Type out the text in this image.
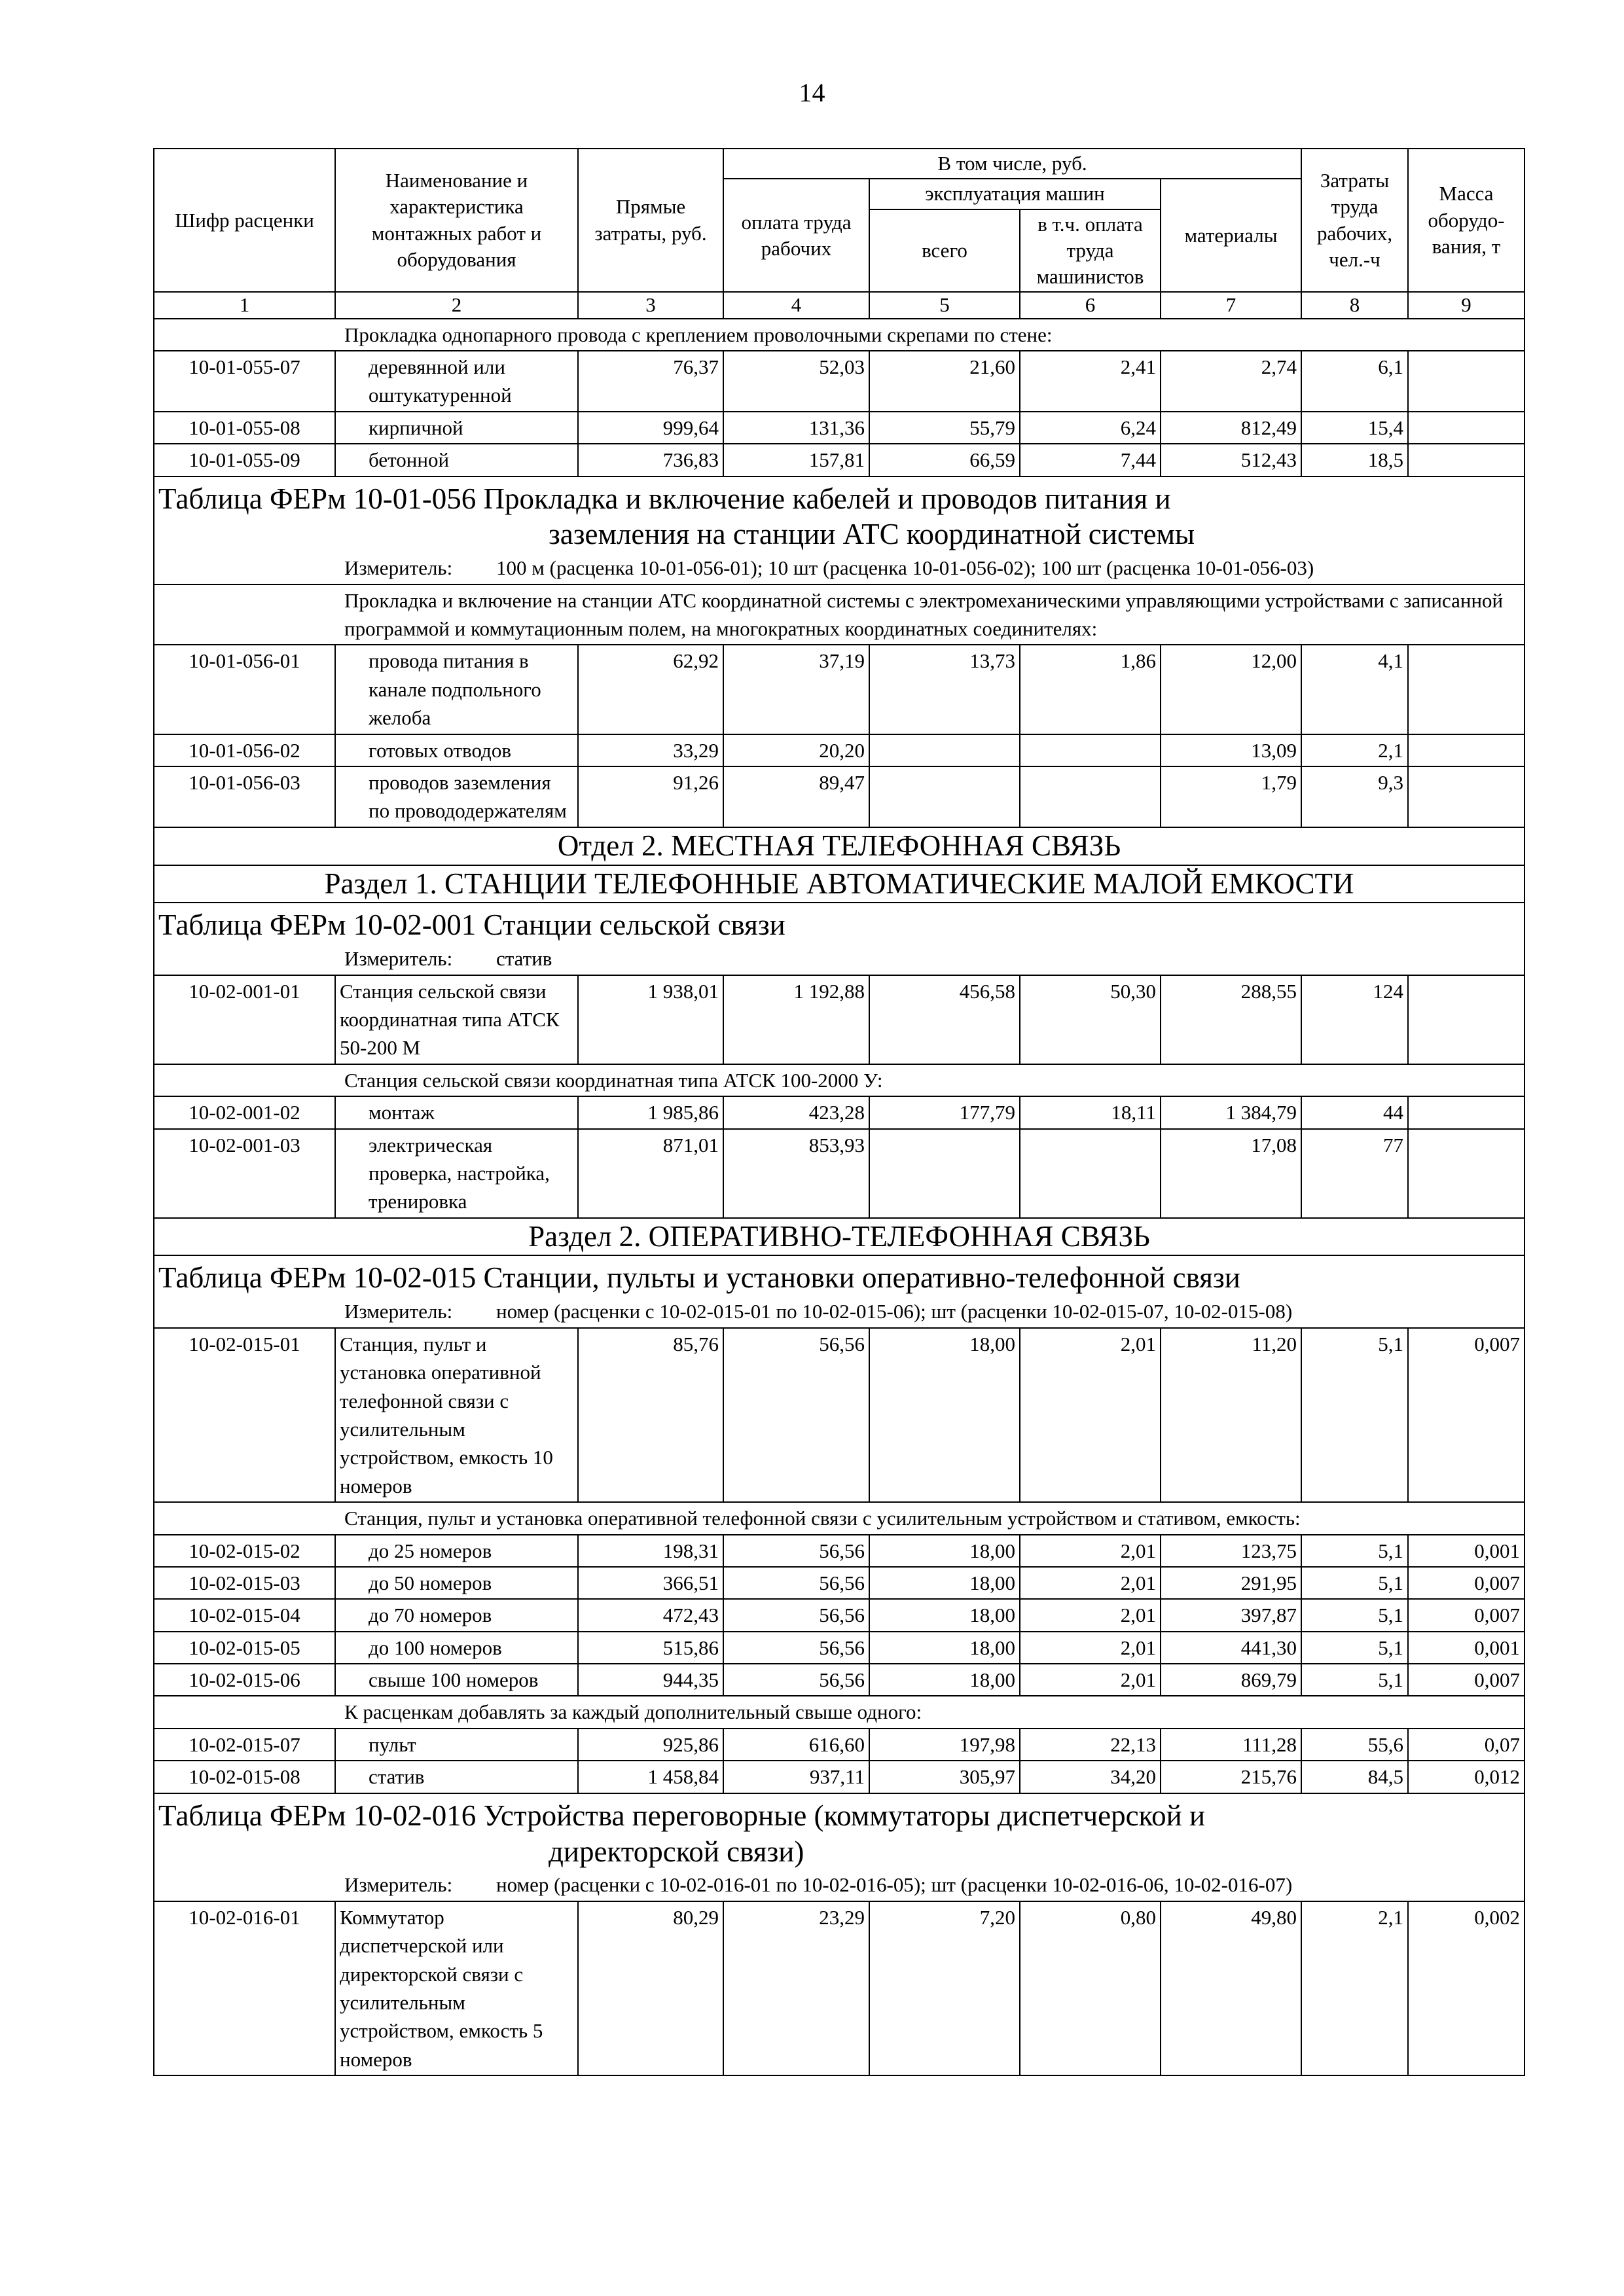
14
Шифр расценки	Наименование и характеристика монтажных работ и оборудования	Прямые затраты, руб.	В том числе, руб.				Затраты труда рабочих, чел.-ч	Масса оборудо-вания, т
			оплата труда рабочих	эксплуатация машин		материалы		
				всего	в т.ч. оплата труда машинистов			
1	2	3	4	5	6	7	8	9
Прокладка однопарного провода с креплением проволочными скрепами по стене:								
10-01-055-07	деревянной или оштукатуренной	76,37	52,03	21,60	2,41	2,74	6,1	
10-01-055-08	кирпичной	999,64	131,36	55,79	6,24	812,49	15,4	
10-01-055-09	бетонной	736,83	157,81	66,59	7,44	512,43	18,5	
Таблица ФЕРм 10-01-056 Прокладка и включение кабелей и проводов питания и
заземления на станции АТС координатной системы								

Измеритель: 100 м (расценка 10-01-056-01); 10 шт (расценка 10-01-056-02); 100 шт (расценка 10-01-056-03)								
Прокладка и включение на станции АТС координатной системы с электромеханическими управляющими устройствами с записанной программой и коммутационным полем, на многократных координатных соединителях:								
10-01-056-01	провода питания в канале подпольного желоба	62,92	37,19	13,73	1,86	12,00	4,1	
10-01-056-02	готовых отводов	33,29	20,20			13,09	2,1	
10-01-056-03	проводов заземления по провододержателям	91,26	89,47			1,79	9,3	
Отдел 2. МЕСТНАЯ ТЕЛЕФОННАЯ СВЯЗЬ								
Раздел 1. СТАНЦИИ ТЕЛЕФОННЫЕ АВТОМАТИЧЕСКИЕ МАЛОЙ ЕМКОСТИ								
Таблица ФЕРм 10-02-001 Станции сельской связи								
Измеритель: статив								
10-02-001-01	Станция сельской связи координатная типа АТСК 50-200 М	1 938,01	1 192,88	456,58	50,30	288,55	124	
Станция сельской связи координатная типа АТСК 100-2000 У:								
10-02-001-02	монтаж	1 985,86	423,28	177,79	18,11	1 384,79	44	
10-02-001-03	электрическая проверка, настройка, тренировка	871,01	853,93			17,08	77	
Раздел 2. ОПЕРАТИВНО-ТЕЛЕФОННАЯ СВЯЗЬ								
Таблица ФЕРм 10-02-015 Станции, пульты и установки оперативно-телефонной связи								
Измеритель: номер (расценки с 10-02-015-01 по 10-02-015-06); шт (расценки 10-02-015-07, 10-02-015-08)								
10-02-015-01	Станция, пульт и установка оперативной телефонной связи с усилительным устройством, емкость 10 номеров	85,76	56,56	18,00	2,01	11,20	5,1	0,007
Станция, пульт и установка оперативной телефонной связи с усилительным устройством и стативом, емкость:								
10-02-015-02	до 25 номеров	198,31	56,56	18,00	2,01	123,75	5,1	0,001
10-02-015-03	до 50 номеров	366,51	56,56	18,00	2,01	291,95	5,1	0,007
10-02-015-04	до 70 номеров	472,43	56,56	18,00	2,01	397,87	5,1	0,007
10-02-015-05	до 100 номеров	515,86	56,56	18,00	2,01	441,30	5,1	0,001
10-02-015-06	свыше 100 номеров	944,35	56,56	18,00	2,01	869,79	5,1	0,007
К расценкам добавлять за каждый дополнительный свыше одного:								
10-02-015-07	пульт	925,86	616,60	197,98	22,13	111,28	55,6	0,07
10-02-015-08	статив	1 458,84	937,11	305,97	34,20	215,76	84,5	0,012
Таблица ФЕРм 10-02-016 Устройства переговорные (коммутаторы диспетчерской и
директорской связи)								

Измеритель: номер (расценки с 10-02-016-01 по 10-02-016-05); шт (расценки 10-02-016-06, 10-02-016-07)								
10-02-016-01	Коммутатор диспетчерской или директорской связи с усилительным устройством, емкость 5 номеров	80,29	23,29	7,20	0,80	49,80	2,1	0,002
